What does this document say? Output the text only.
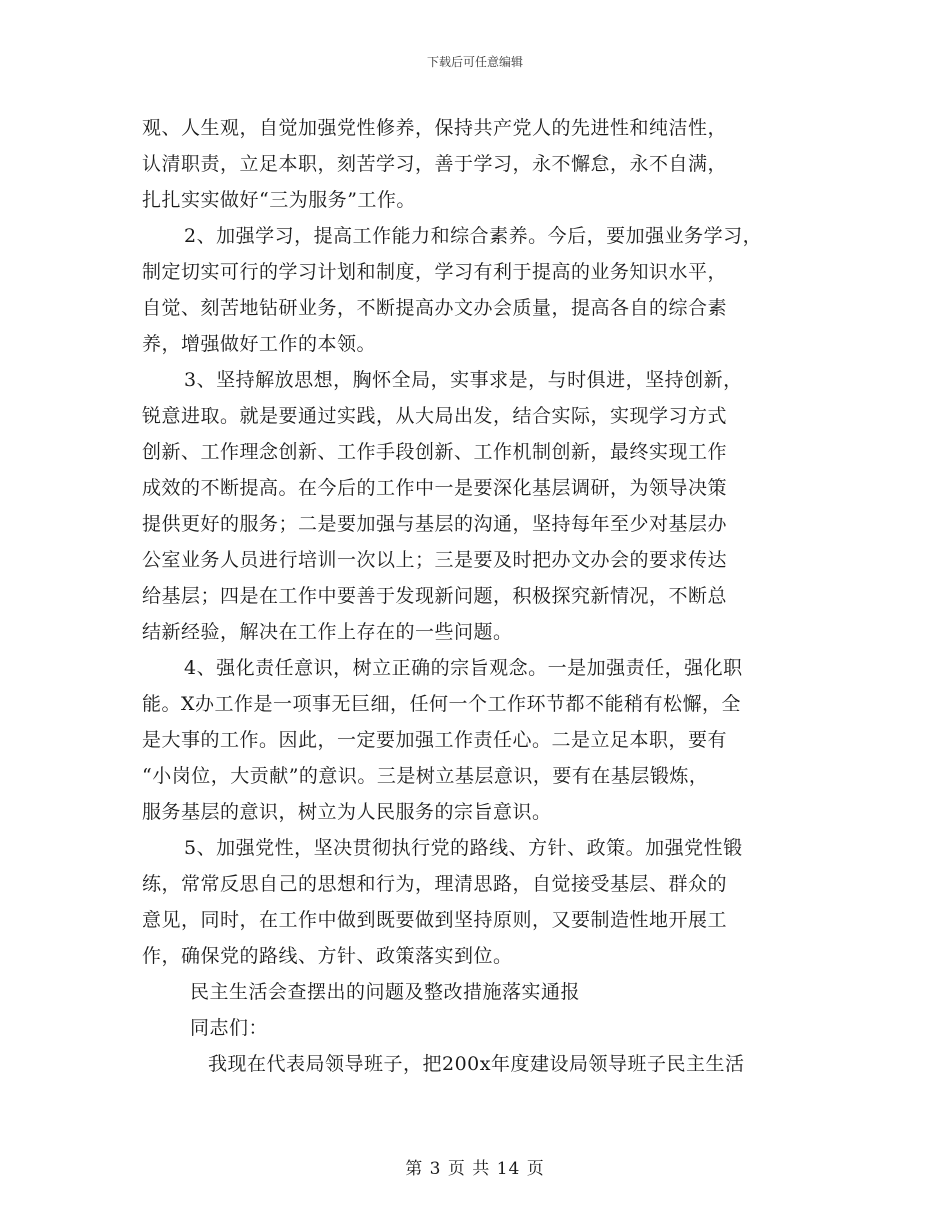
下载后可任意编辑
观、人生观，自觉加强党性修养，保持共产党人的先进性和纯洁性，
认清职责，立足本职，刻苦学习，善于学习，永不懈怠，永不自满，
扎扎实实做好“三为服务”工作。
2、加强学习，提高工作能力和综合素养。今后，要加强业务学习，
制定切实可行的学习计划和制度，学习有利于提高的业务知识水平，
自觉、刻苦地钻研业务，不断提高办文办会质量，提高各自的综合素
养，增强做好工作的本领。
3、坚持解放思想，胸怀全局，实事求是，与时俱进，坚持创新，
锐意进取。就是要通过实践，从大局出发，结合实际，实现学习方式
创新、工作理念创新、工作手段创新、工作机制创新，最终实现工作
成效的不断提高。在今后的工作中一是要深化基层调研，为领导决策
提供更好的服务；二是要加强与基层的沟通，坚持每年至少对基层办
公室业务人员进行培训一次以上；三是要及时把办文办会的要求传达
给基层；四是在工作中要善于发现新问题，积极探究新情况，不断总
结新经验，解决在工作上存在的一些问题。
4、强化责任意识，树立正确的宗旨观念。一是加强责任，强化职
能。X办工作是一项事无巨细，任何一个工作环节都不能稍有松懈，全
是大事的工作。因此，一定要加强工作责任心。二是立足本职，要有
“小岗位，大贡献”的意识。三是树立基层意识，要有在基层锻炼，
服务基层的意识，树立为人民服务的宗旨意识。
5、加强党性，坚决贯彻执行党的路线、方针、政策。加强党性锻
练，常常反思自己的思想和行为，理清思路，自觉接受基层、群众的
意见，同时，在工作中做到既要做到坚持原则，又要制造性地开展工
作，确保党的路线、方针、政策落实到位。
民主生活会查摆出的问题及整改措施落实通报
同志们：
我现在代表局领导班子，把200x年度建设局领导班子民主生活
第 3 页 共 14 页
